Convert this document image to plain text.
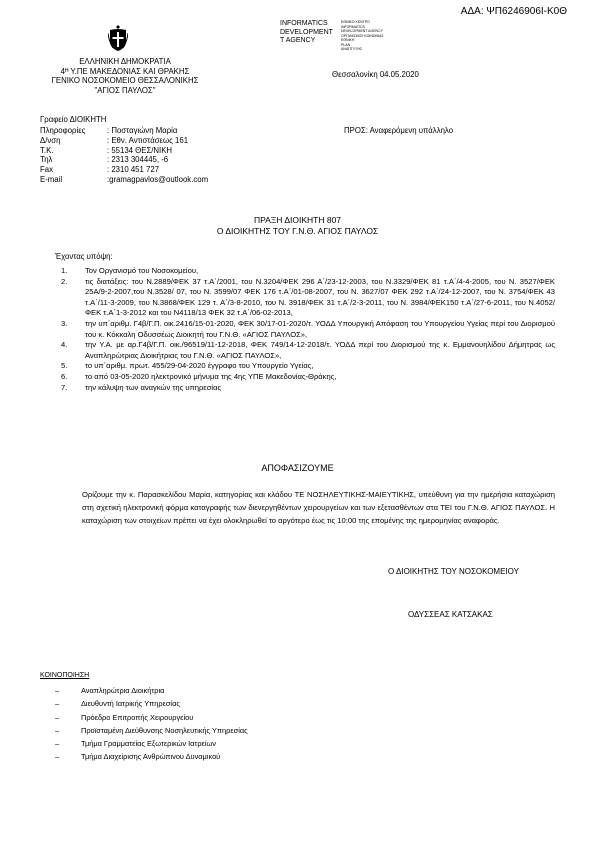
ΑΔΑ: ΨΠ6246906Ι-Κ0Θ
INFORMATICS
DEVELOPMENT
T AGENCY
ΕΘΝΙΚΟ ΚΕΝΤΡΟ
INFORMATICS
DEVELOPMENT AGENCY
ΟΡΓΑΝΙΣΜΟΣ ΚΟΙΝΩΝΙΑΣ
ΕΘΝΙΚΗ
PLAN
ΑΝΑΠΤΥΞΗΣ
ΕΛΛΗΝΙΚΗ ΔΗΜΟΚΡΑΤΙΑ
4ᴴ Υ.ΠΕ ΜΑΚΕΔΟΝΙΑΣ ΚΑΙ ΘΡΑΚΗΣ
ΓΕΝΙΚΟ ΝΟΣΟΚΟΜΕΙΟ ΘΕΣΣΑΛΟΝΙΚΗΣ
"ΑΓΙΟΣ ΠΑΥΛΟΣ"
Θεσσαλονίκη 04.05.2020
Γραφείο ΔΙΟΙΚΗΤΗ
Πληροφορίες	: Ποσταγιώνη Μαρία
Δ/νση	: Εθν. Αντιστάσεως 161
Τ.Κ.	: 55134 ΘΕΣ/ΝΙΚΗ
Τηλ	: 2313 304445, -6
Fax	: 2310 451 727
E-mail	:gramagpavlos@outlook.com
ΠΡΟΣ: Αναφερόμενη υπάλληλο
ΠΡΑΞΗ ΔΙΟΙΚΗΤΗ 807
Ο ΔΙΟΙΚΗΤΗΣ ΤΟΥ Γ.Ν.Θ. ΑΓΙΟΣ ΠΑΥΛΟΣ
Έχοντας υπόψη:
1. Τον Οργανισμό του Νοσοκομείου,
2. τις διατάξεις: του Ν.2889/ΦΕΚ 37 τ.Α΄/2001, του Ν.3204/ΦΕΚ 296 Α΄/23-12-2003, του Ν.3329/ΦΕΚ 81 τ.Α΄/4-4-2005, του Ν. 3527/ΦΕΚ 25Α/9-2-2007,του Ν.3528/ 07, του Ν. 3599/07 ΦΕΚ 176 τ.Α΄/01-08-2007, του Ν. 3627/07 ΦΕΚ 292 τ.Α΄/24-12-2007, του Ν. 3754/ΦΕΚ 43 τ.Α΄/11-3-2009, του Ν.3868/ΦΕΚ 129 τ. Α΄/3-8-2010, του Ν. 3918/ΦΕΚ 31 τ.Α΄/2-3-2011, του Ν. 3984/ΦΕΚ150 τ.Α΄/27-6-2011, του Ν.4052/ΦΕΚ τ.Α΄1-3-2012 και του Ν4118/13 ΦΕΚ 32 τ.Α΄/06-02-2013,
3. την υπ΄αριθμ. Γ4β/Γ.Π. οικ.2416/15-01-2020, ΦΕΚ 30/17-01-2020/τ. ΥΟΔΔ Υπουργική Απόφαση του Υπουργείου Υγείας περί του Διορισμού του κ. Κόκκαλη Οδυσσέως Διοικητή του Γ.Ν.Θ. «ΑΓΙΟΣ ΠΑΥΛΟΣ»,
4. την Υ.Α. με αρ.Γ4β/Γ.Π. οικ./96519/11-12-2018, ΦΕΚ 749/14-12-2018/τ. ΥΟΔΔ περί του Διορισμού της κ. Εμμανουηλίδου Δήμητρας ως Αναπληρώτριας Διοικήτριας του Γ.Ν.Θ. «ΑΓΙΟΣ ΠΑΥΛΟΣ»,
5. το υπ΄αριθμ. πρωτ. 455/29-04-2020 έγγραφο του Υπουργείο Υγείας,
6. το από 03-05-2020 ηλεκτρονικό μήνυμα της 4ης ΥΠΕ Μακεδονίας-Θράκης,
7. την κάλυψη των αναγκών της υπηρεσίας
ΑΠΟΦΑΣΙΖΟΥΜΕ
Ορίζουμε την κ. Παρασκελίδου Μαρία, κατηγορίας και κλάδου ΤΕ ΝΟΣΗΛΕΥΤΙΚΗΣ-ΜΑΙΕΥΤΙΚΗΣ, υπεύθυνη για την ημερήσια καταχώριση στη σχετική ηλεκτρονική φόρμα καταγραφής των διενεργηθέντων χειρουργείων και των εξετασθέντων στα ΤΕΙ του Γ.Ν.Θ. ΑΓΙΟΣ ΠΑΥΛΟΣ. Η καταχώριση των στοιχείων πρέπει να έχει ολοκληρωθεί το αργότερο έως τις 10:00 της επομένης της ημερομηνίας αναφοράς.
Ο ΔΙΟΙΚΗΤΗΣ ΤΟΥ ΝΟΣΟΚΟΜΕΙΟΥ
ΟΔΥΣΣΕΑΣ ΚΑΤΣΑΚΑΣ
ΚΟΙΝΟΠΟΙΗΣΗ
–	Αναπληρώτρια Διοικήτρια
–	Διευθυντή Ιατρικής Υπηρεσίας
–	Πρόεδρο Επιτροπής Χειρουργείου
–	Προϊσταμένη Διεύθυνσης Νοσηλευτικής Υπηρεσίας
–	Τμήμα Γραμματείας Εξωτερικών Ιατρείων
–	Τμήμα Διαχείρισης Ανθρώπινου Δυναμικού
